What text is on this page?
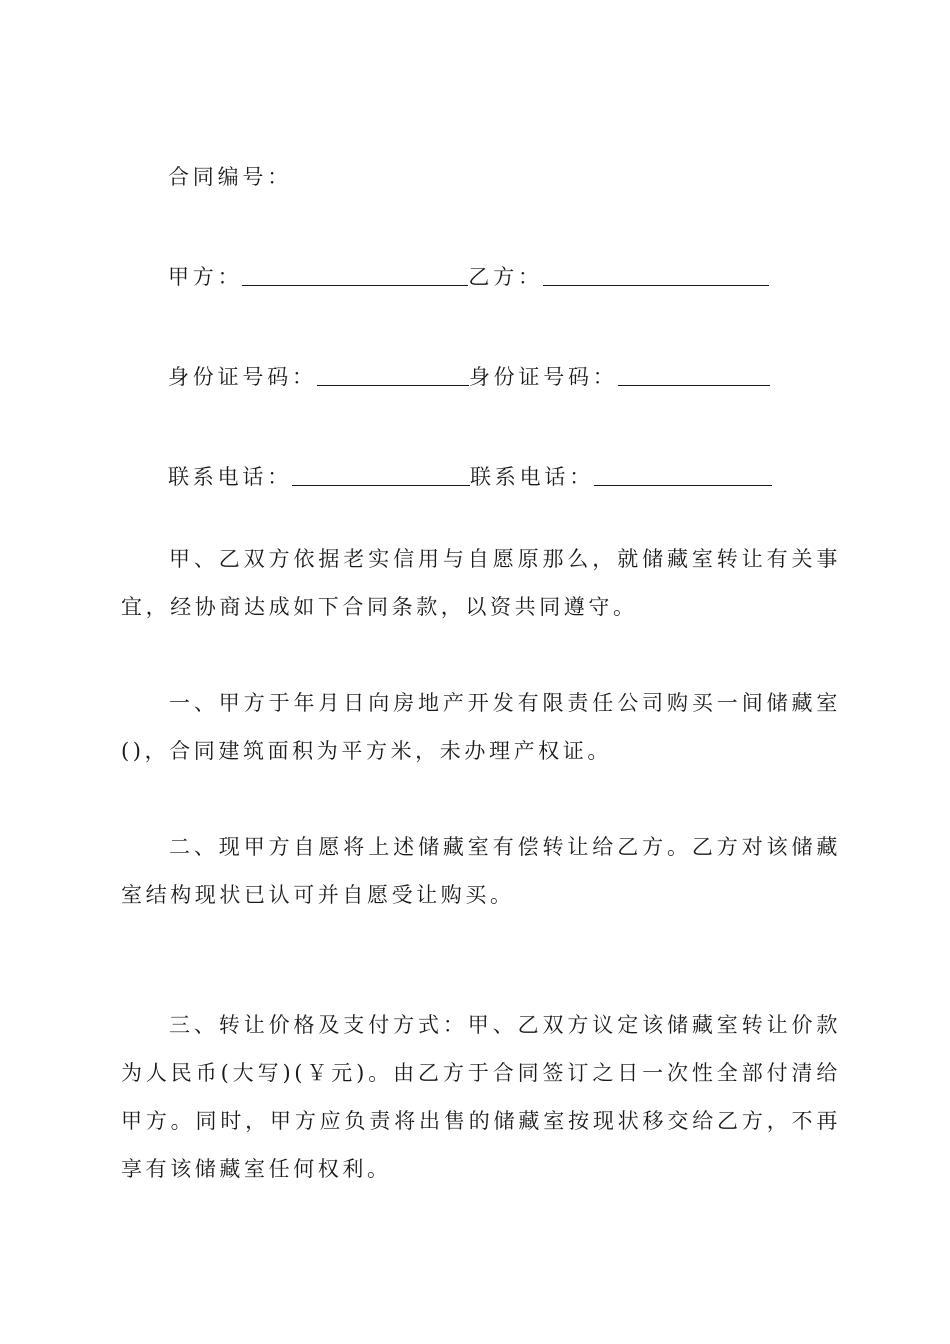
合同编号：
甲方：	乙方：
身份证号码：	身份证号码：
联系电话：	联系电话：

甲、乙双方依据老实信用与自愿原那么，就储藏室转让有关事宜，经协商达成如下合同条款，以资共同遵守。

一、甲方于年月日向房地产开发有限责任公司购买一间储藏室()，合同建筑面积为平方米，未办理产权证。

二、现甲方自愿将上述储藏室有偿转让给乙方。乙方对该储藏室结构现状已认可并自愿受让购买。

三、转让价格及支付方式：甲、乙双方议定该储藏室转让价款为人民币(大写)(￥元)。由乙方于合同签订之日一次性全部付清给甲方。同时，甲方应负责将出售的储藏室按现状移交给乙方，不再享有该储藏室任何权利。
